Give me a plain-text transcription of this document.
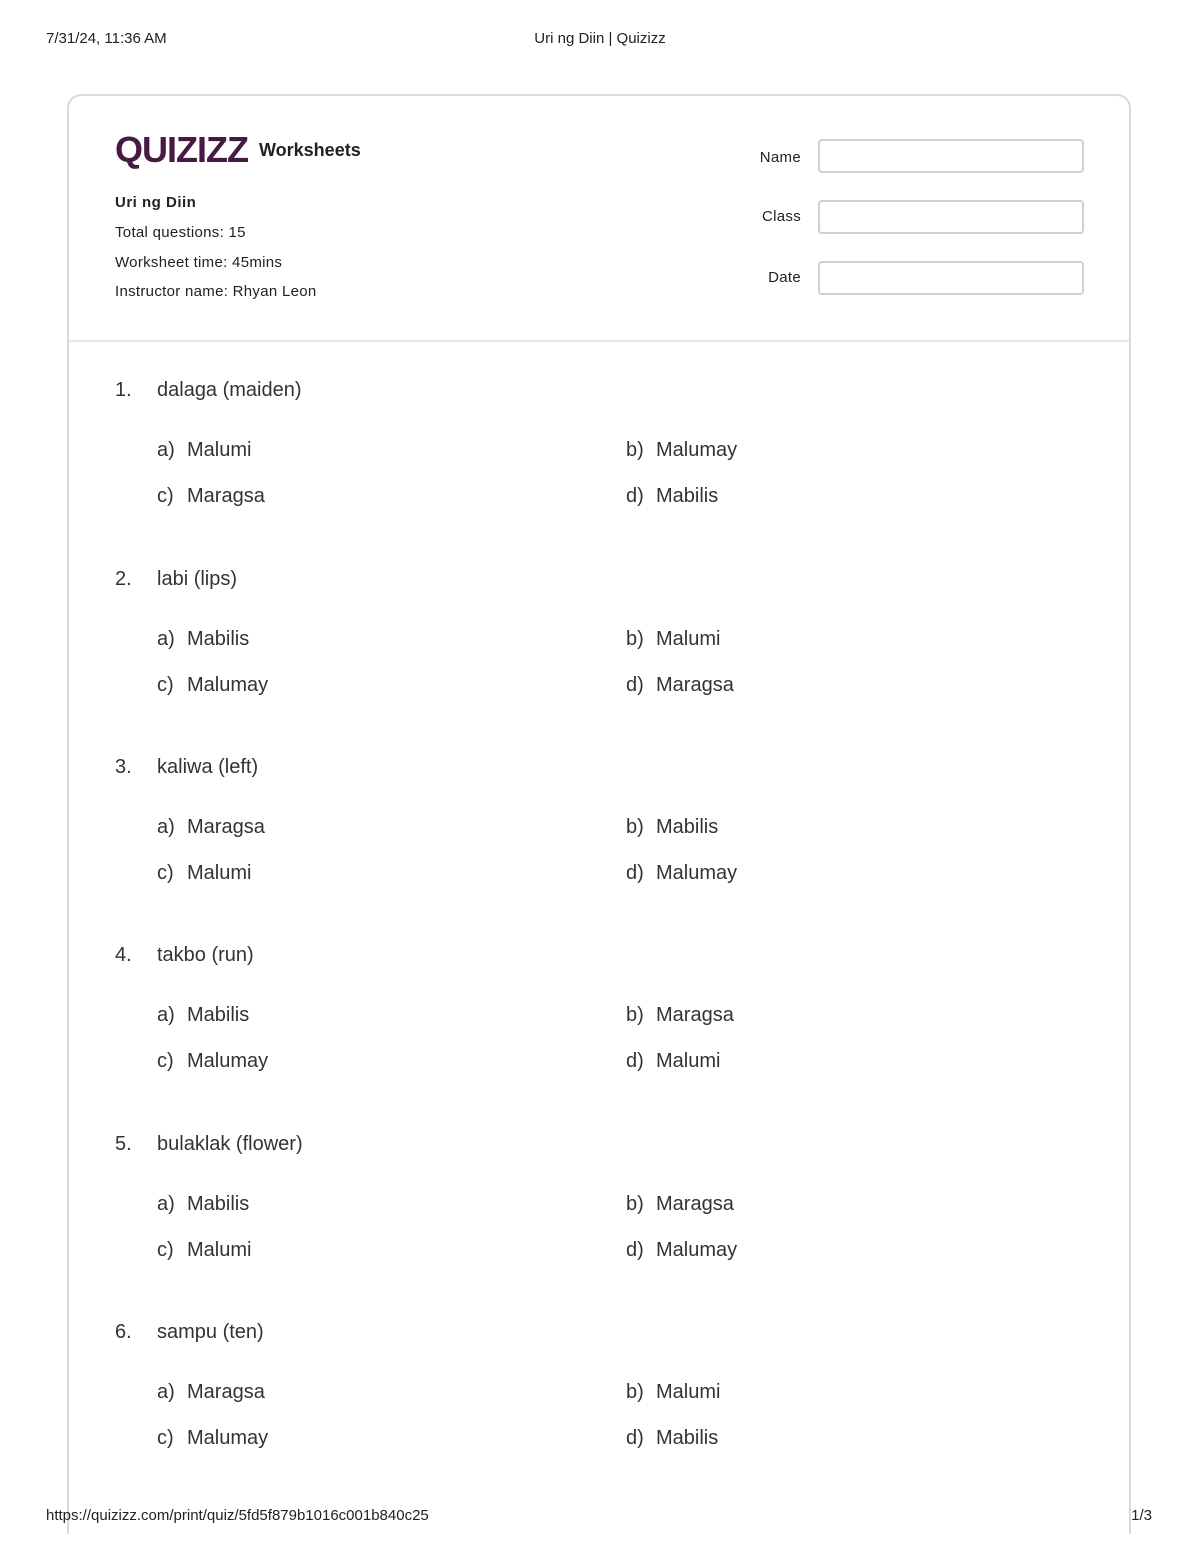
7/31/24, 11:36 AM	Uri ng Diin | Quizizz
QUIZIZZ Worksheets
Uri ng Diin
Total questions: 15
Worksheet time: 45mins
Instructor name: Rhyan Leon
Name
Class
Date
1. dalaga (maiden)
a) Malumi	b) Malumay
c) Maragsa	d) Mabilis
2. labi (lips)
a) Mabilis	b) Malumi
c) Malumay	d) Maragsa
3. kaliwa (left)
a) Maragsa	b) Mabilis
c) Malumi	d) Malumay
4. takbo (run)
a) Mabilis	b) Maragsa
c) Malumay	d) Malumi
5. bulaklak (flower)
a) Mabilis	b) Maragsa
c) Malumi	d) Malumay
6. sampu (ten)
a) Maragsa	b) Malumi
c) Malumay	d) Mabilis
https://quizizz.com/print/quiz/5fd5f879b1016c001b840c25	1/3
